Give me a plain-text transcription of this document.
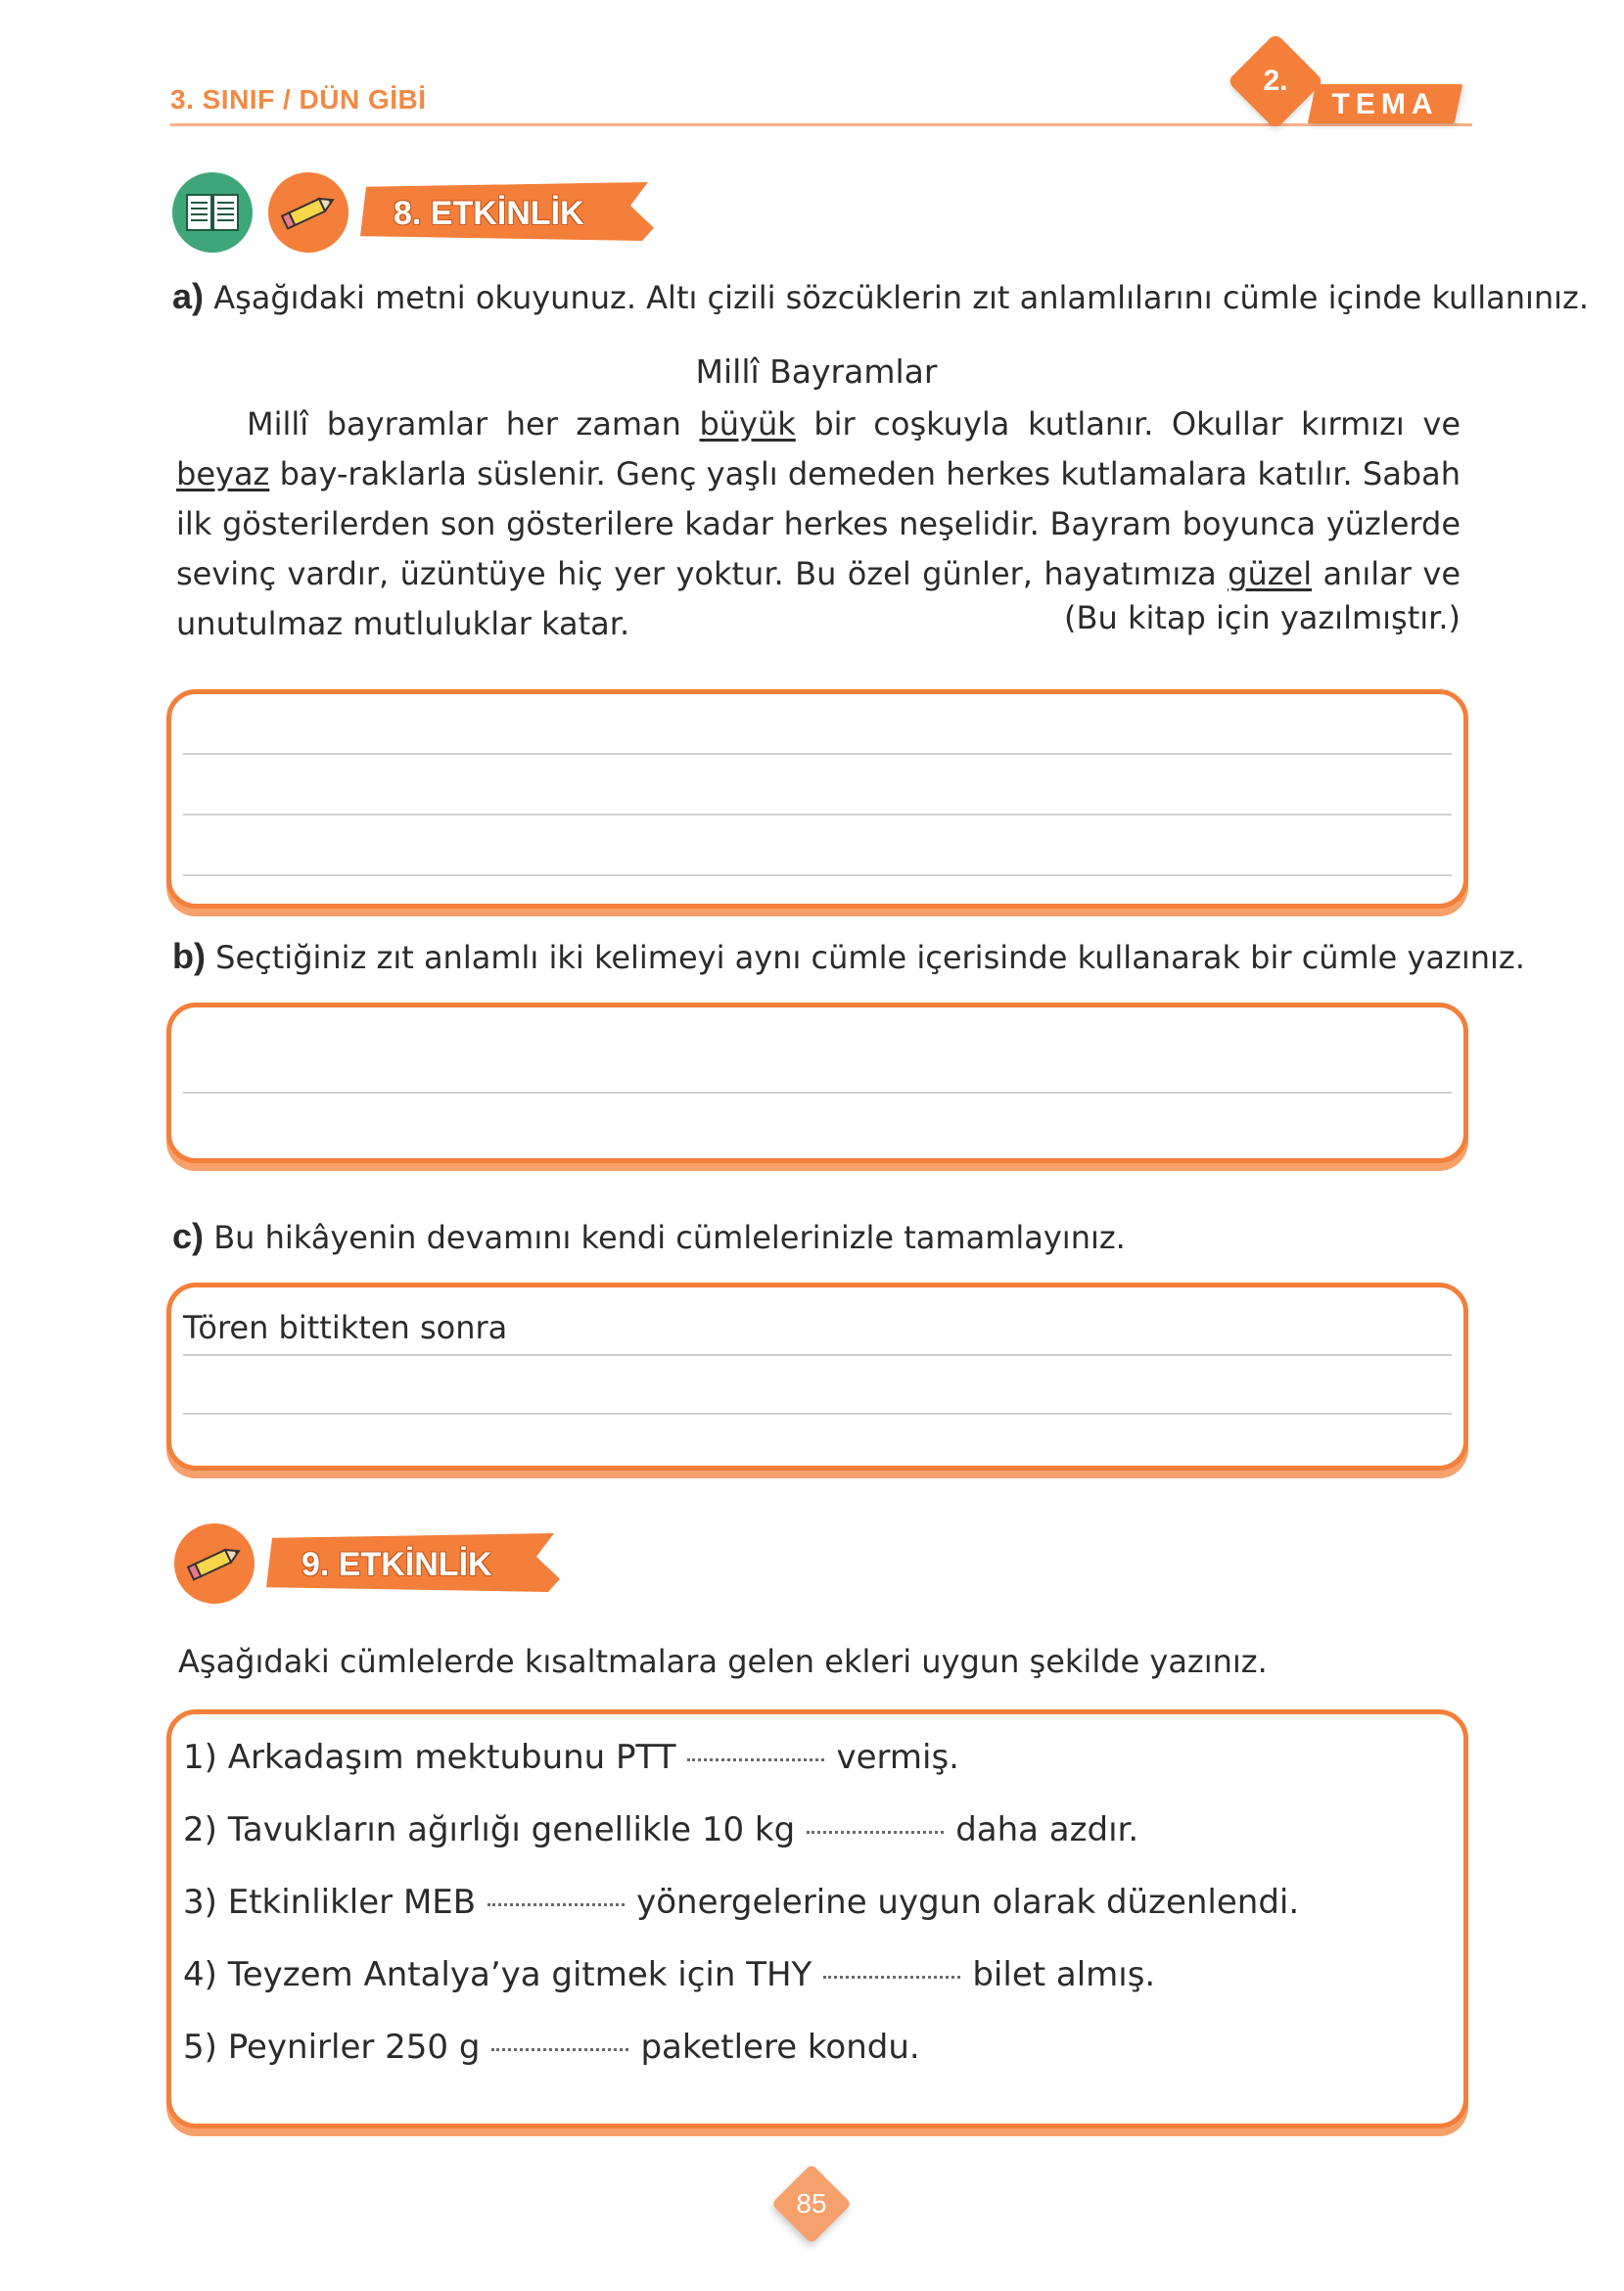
3. SINIF / DÜN GİBİ
2.
TEMA
8. ETKİNLİK
a) Aşağıdaki metni okuyunuz. Altı çizili sözcüklerin zıt anlamlılarını cümle içinde kullanınız.
Millî Bayramlar
Millî bayramlar her zaman büyük bir coşkuyla kutlanır. Okullar kırmızı ve beyaz bay-raklarla süslenir. Genç yaşlı demeden herkes kutlamalara katılır. Sabah ilk gösterilerden son gösterilere kadar herkes neşelidir. Bayram boyunca yüzlerde sevinç vardır, üzüntüye hiç yer yoktur. Bu özel günler, hayatımıza güzel anılar ve unutulmaz mutluluklar katar.	(Bu kitap için yazılmıştır.)
b) Seçtiğiniz zıt anlamlı iki kelimeyi aynı cümle içerisinde kullanarak bir cümle yazınız.
c) Bu hikâyenin devamını kendi cümlelerinizle tamamlayınız.
Tören bittikten sonra
9. ETKİNLİK
Aşağıdaki cümlelerde kısaltmalara gelen ekleri uygun şekilde yazınız.
1) Arkadaşım mektubunu PTT	vermiş.
2) Tavukların ağırlığı genellikle 10 kg	daha azdır.
3) Etkinlikler MEB	yönergelerine uygun olarak düzenlendi.
4) Teyzem Antalya’ya gitmek için THY	bilet almış.
5) Peynirler 250 g	paketlere kondu.
85
